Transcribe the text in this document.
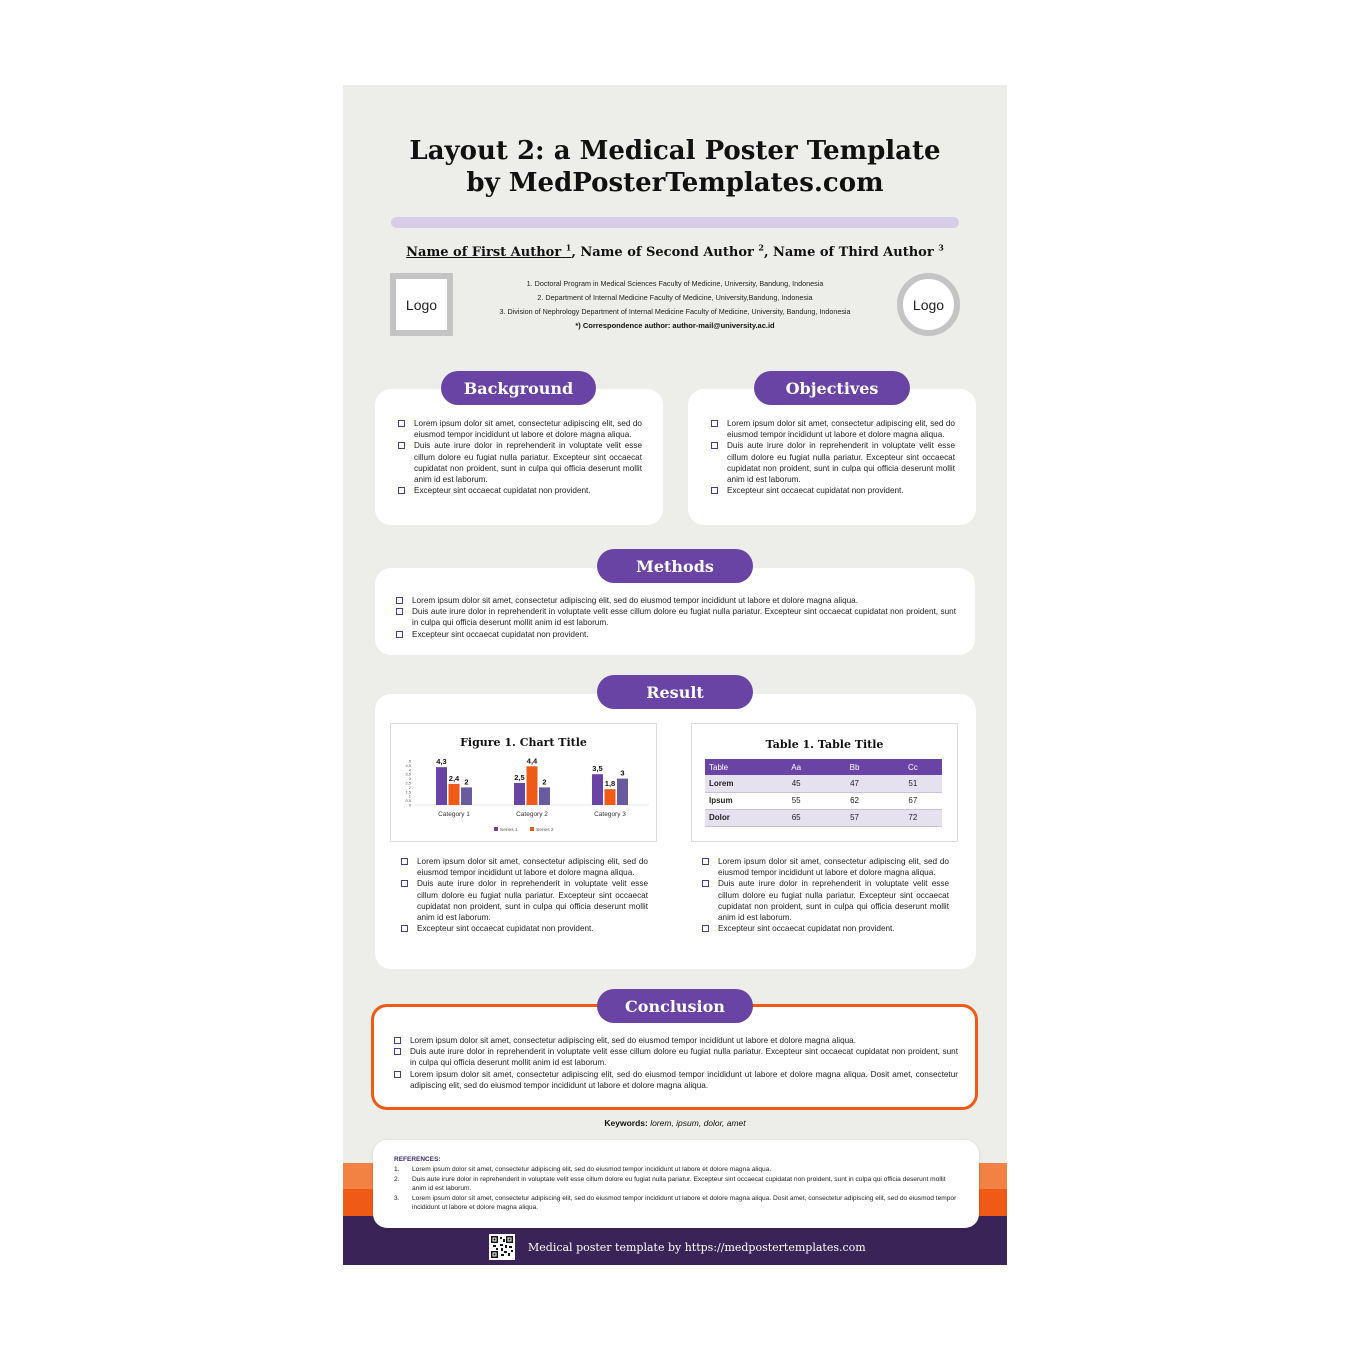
Layout 2: a Medical Poster Template
by MedPosterTemplates.com
Name of First Author $^1$, Name of Second Author $^2$, Name of Third Author $^3$
Logo	Logo
1. Doctoral Program in Medical Sciences Faculty of Medicine, University, Bandung, Indonesia
2. Department of Internal Medicine Faculty of Medicine, University,Bandung, Indonesia
3. Division of Nephrology Department of Internal Medicine Faculty of Medicine, University, Bandung, Indonesia
*) Correspondence author: author-mail@university.ac.id
Lorem ipsum dolor sit amet, consectetur adipiscing elit, sed do eiusmod tempor incididunt ut labore et dolore magna aliqua.
Duis aute irure dolor in reprehenderit in voluptate velit esse cillum dolore eu fugiat nulla pariatur. Excepteur sint occaecat cupidatat non proident, sunt in culpa qui officia deserunt mollit anim id est laborum.
Excepteur sint occaecat cupidatat non provident.
Background
Lorem ipsum dolor sit amet, consectetur adipiscing elit, sed do eiusmod tempor incididunt ut labore et dolore magna aliqua.
Duis aute irure dolor in reprehenderit in voluptate velit esse cillum dolore eu fugiat nulla pariatur. Excepteur sint occaecat cupidatat non proident, sunt in culpa qui officia deserunt mollit anim id est laborum.
Excepteur sint occaecat cupidatat non provident.
Objectives
Lorem ipsum dolor sit amet, consectetur adipiscing elit, sed do eiusmod tempor incididunt ut labore et dolore magna aliqua.
Duis aute irure dolor in reprehenderit in voluptate velit esse cillum dolore eu fugiat nulla pariatur. Excepteur sint occaecat cupidatat non proident, sunt in culpa qui officia deserunt mollit anim id est laborum.
Excepteur sint occaecat cupidatat non provident.
Methods
Figure 1. Chart Title
0
0,5
1
1,5
2
2,5
3
3,5
4
4,5
5	4,3
2,4 2
Category 1
2,5
4,4
2
Category 2
3,5
1,8
3
Category 3
Series 1	Series 2
Table 1. Table Title
Table	Aa	Bb	Cc
Lorem	45	47	51
Ipsum	55	62	67
Dolor	65	57	72
Lorem ipsum dolor sit amet, consectetur adipiscing elit, sed do eiusmod tempor incididunt ut labore et dolore magna aliqua.
Duis aute irure dolor in reprehenderit in voluptate velit esse cillum dolore eu fugiat nulla pariatur. Excepteur sint occaecat cupidatat non proident, sunt in culpa qui officia deserunt mollit anim id est laborum.
Excepteur sint occaecat cupidatat non provident.
Lorem ipsum dolor sit amet, consectetur adipiscing elit, sed do eiusmod tempor incididunt ut labore et dolore magna aliqua.
Duis aute irure dolor in reprehenderit in voluptate velit esse cillum dolore eu fugiat nulla pariatur. Excepteur sint occaecat cupidatat non proident, sunt in culpa qui officia deserunt mollit anim id est laborum.
Excepteur sint occaecat cupidatat non provident.
Result
Lorem ipsum dolor sit amet, consectetur adipiscing elit, sed do eiusmod tempor incididunt ut labore et dolore magna aliqua.
Duis aute irure dolor in reprehenderit in voluptate velit esse cillum dolore eu fugiat nulla pariatur. Excepteur sint occaecat cupidatat non proident, sunt in culpa qui officia deserunt mollit anim id est laborum.
Lorem ipsum dolor sit amet, consectetur adipiscing elit, sed do eiusmod tempor incididunt ut labore et dolore magna aliqua. Dosit amet, consectetur adipiscing elit, sed do eiusmod tempor incididunt ut labore et dolore magna aliqua.
Conclusion
Keywords: lorem, ipsum, dolor, amet
REFERENCES:
1. Lorem ipsum dolor sit amet, consectetur adipiscing elit, sed do eiusmod tempor incididunt ut labore et dolore magna aliqua.
2. Duis aute irure dolor in reprehenderit in voluptate velit esse cillum dolore eu fugiat nulla pariatur. Excepteur sint occaecat cupidatat non proident, sunt in culpa qui officia deserunt mollit anim id est laborum.
3. Lorem ipsum dolor sit amet, consectetur adipiscing elit, sed do eiusmod tempor incididunt ut labore et dolore magna aliqua. Dosit amet, consectetur adipiscing elit, sed do eiusmod tempor incididunt ut labore et dolore magna aliqua.
Medical poster template by https://medpostertemplates.com
